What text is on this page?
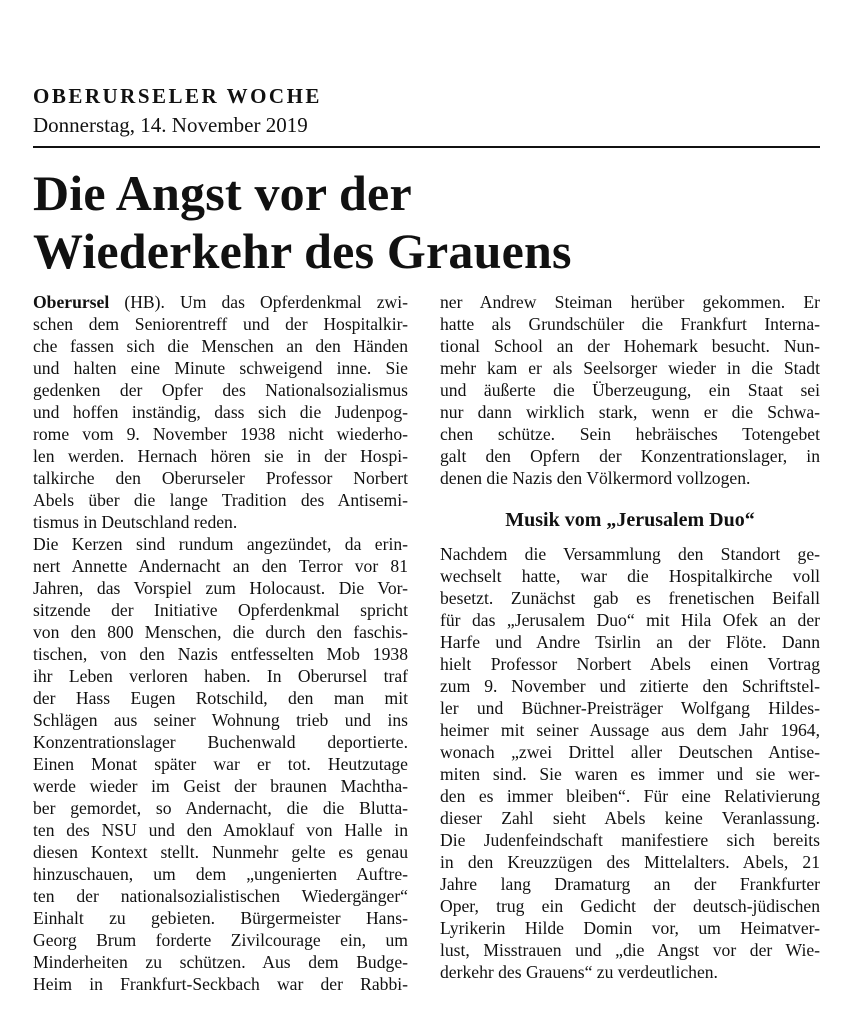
OBERURSELER WOCHE
Donnerstag, 14. November 2019
Die Angst vor der
Wiederkehr des Grauens
Oberursel (HB). Um das Opferdenkmal zwi-
schen dem Seniorentreff und der Hospitalkir-
che fassen sich die Menschen an den Händen
und halten eine Minute schweigend inne. Sie
gedenken der Opfer des Nationalsozialismus
und hoffen inständig, dass sich die Judenpog-
rome vom 9. November 1938 nicht wiederho-
len werden. Hernach hören sie in der Hospi-
talkirche den Oberurseler Professor Norbert
Abels über die lange Tradition des Antisemi-
tismus in Deutschland reden.
Die Kerzen sind rundum angezündet, da erin-
nert Annette Andernacht an den Terror vor 81
Jahren, das Vorspiel zum Holocaust. Die Vor-
sitzende der Initiative Opferdenkmal spricht
von den 800 Menschen, die durch den faschis-
tischen, von den Nazis entfesselten Mob 1938
ihr Leben verloren haben. In Oberursel traf
der Hass Eugen Rotschild, den man mit
Schlägen aus seiner Wohnung trieb und ins
Konzentrationslager Buchenwald deportierte.
Einen Monat später war er tot. Heutzutage
werde wieder im Geist der braunen Machtha-
ber gemordet, so Andernacht, die die Blutta-
ten des NSU und den Amoklauf von Halle in
diesen Kontext stellt. Nunmehr gelte es genau
hinzuschauen, um dem „ungenierten Auftre-
ten der nationalsozialistischen Wiedergänger“
Einhalt zu gebieten. Bürgermeister Hans-
Georg Brum forderte Zivilcourage ein, um
Minderheiten zu schützen. Aus dem Budge-
Heim in Frankfurt-Seckbach war der Rabbi-
ner Andrew Steiman herüber gekommen. Er
hatte als Grundschüler die Frankfurt Interna-
tional School an der Hohemark besucht. Nun-
mehr kam er als Seelsorger wieder in die Stadt
und äußerte die Überzeugung, ein Staat sei
nur dann wirklich stark, wenn er die Schwa-
chen schütze. Sein hebräisches Totengebet
galt den Opfern der Konzentrationslager, in
denen die Nazis den Völkermord vollzogen.
Musik vom „Jerusalem Duo“
Nachdem die Versammlung den Standort ge-
wechselt hatte, war die Hospitalkirche voll
besetzt. Zunächst gab es frenetischen Beifall
für das „Jerusalem Duo“ mit Hila Ofek an der
Harfe und Andre Tsirlin an der Flöte. Dann
hielt Professor Norbert Abels einen Vortrag
zum 9. November und zitierte den Schriftstel-
ler und Büchner-Preisträger Wolfgang Hildes-
heimer mit seiner Aussage aus dem Jahr 1964,
wonach „zwei Drittel aller Deutschen Antise-
miten sind. Sie waren es immer und sie wer-
den es immer bleiben“. Für eine Relativierung
dieser Zahl sieht Abels keine Veranlassung.
Die Judenfeindschaft manifestiere sich bereits
in den Kreuzzügen des Mittelalters. Abels, 21
Jahre lang Dramaturg an der Frankfurter
Oper, trug ein Gedicht der deutsch-jüdischen
Lyrikerin Hilde Domin vor, um Heimatver-
lust, Misstrauen und „die Angst vor der Wie-
derkehr des Grauens“ zu verdeutlichen.
